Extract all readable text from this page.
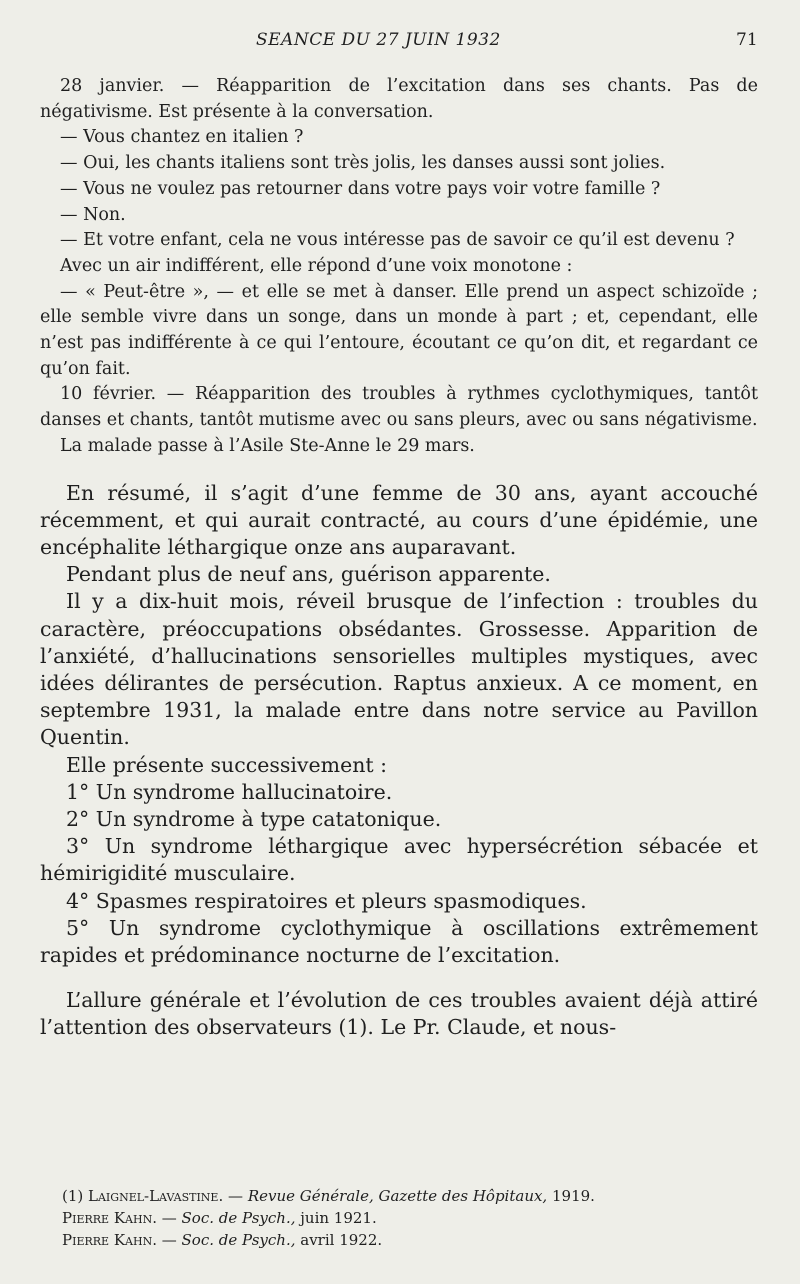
SEANCE DU 27 JUIN 1932	71

28 janvier. — Réapparition de l’excitation dans ses chants. Pas de négativisme. Est présente à la conversation.

— Vous chantez en italien ?

— Oui, les chants italiens sont très jolis, les danses aussi sont jolies.

— Vous ne voulez pas retourner dans votre pays voir votre famille ?

— Non.

— Et votre enfant, cela ne vous intéresse pas de savoir ce qu’il est devenu ?

Avec un air indifférent, elle répond d’une voix monotone :

— « Peut-être », — et elle se met à danser. Elle prend un aspect schizoïde ; elle semble vivre dans un songe, dans un monde à part ; et, cependant, elle n’est pas indifférente à ce qui l’entoure, écoutant ce qu’on dit, et regardant ce qu’on fait.

10 février. — Réapparition des troubles à rythmes cyclothymiques, tantôt danses et chants, tantôt mutisme avec ou sans pleurs, avec ou sans négativisme.

La malade passe à l’Asile Ste-Anne le 29 mars.

En résumé, il s’agit d’une femme de 30 ans, ayant accouché récemment, et qui aurait contracté, au cours d’une épidémie, une encéphalite léthargique onze ans auparavant.

Pendant plus de neuf ans, guérison apparente.

Il y a dix-huit mois, réveil brusque de l’infection : troubles du caractère, préoccupations obsédantes. Grossesse. Apparition de l’anxiété, d’hallucinations sensorielles multiples mystiques, avec idées délirantes de persécution. Raptus anxieux. A ce moment, en septembre 1931, la malade entre dans notre service au Pavillon Quentin.

Elle présente successivement :

1° Un syndrome hallucinatoire.

2° Un syndrome à type catatonique.

3° Un syndrome léthargique avec hypersécrétion sébacée et hémirigidité musculaire.

4° Spasmes respiratoires et pleurs spasmodiques.

5° Un syndrome cyclothymique à oscillations extrêmement rapides et prédominance nocturne de l’excitation.

L’allure générale et l’évolution de ces troubles avaient déjà attiré l’attention des observateurs (1). Le Pr. Claude, et nous-

(1) Laignel-Lavastine. — Revue Générale, Gazette des Hôpitaux, 1919.

Pierre Kahn. — Soc. de Psych., juin 1921.

Pierre Kahn. — Soc. de Psych., avril 1922.
